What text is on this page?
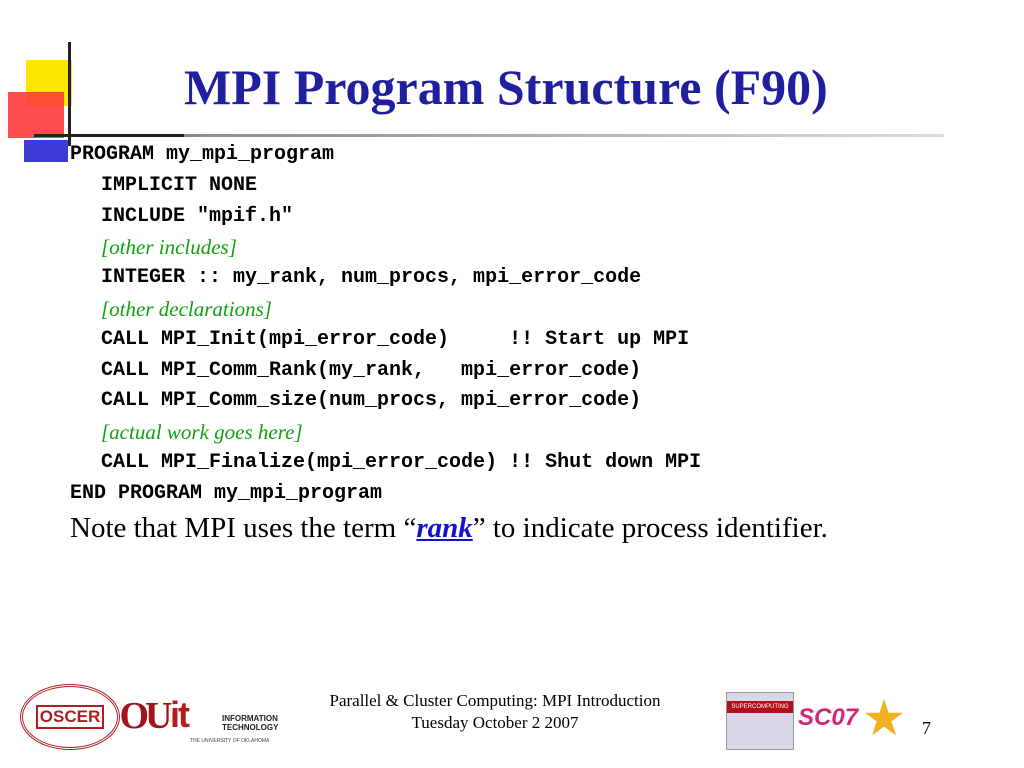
MPI Program Structure (F90)
PROGRAM my_mpi_program
IMPLICIT NONE
INCLUDE "mpif.h"
[other includes]
INTEGER :: my_rank, num_procs, mpi_error_code
[other declarations]
CALL MPI_Init(mpi_error_code)     !! Start up MPI
CALL MPI_Comm_Rank(my_rank,   mpi_error_code)
CALL MPI_Comm_size(num_procs, mpi_error_code)
[actual work goes here]
CALL MPI_Finalize(mpi_error_code) !! Shut down MPI
END PROGRAM my_mpi_program
Note that MPI uses the term “rank” to indicate process identifier.
OSCER OU it	INFORMATION
TECHNOLOGY
THE UNIVERSITY OF OKLAHOMA
Parallel & Cluster Computing: MPI Introduction
Tuesday October 2 2007
SUPERCOMPUTING SC07 ★ 7
